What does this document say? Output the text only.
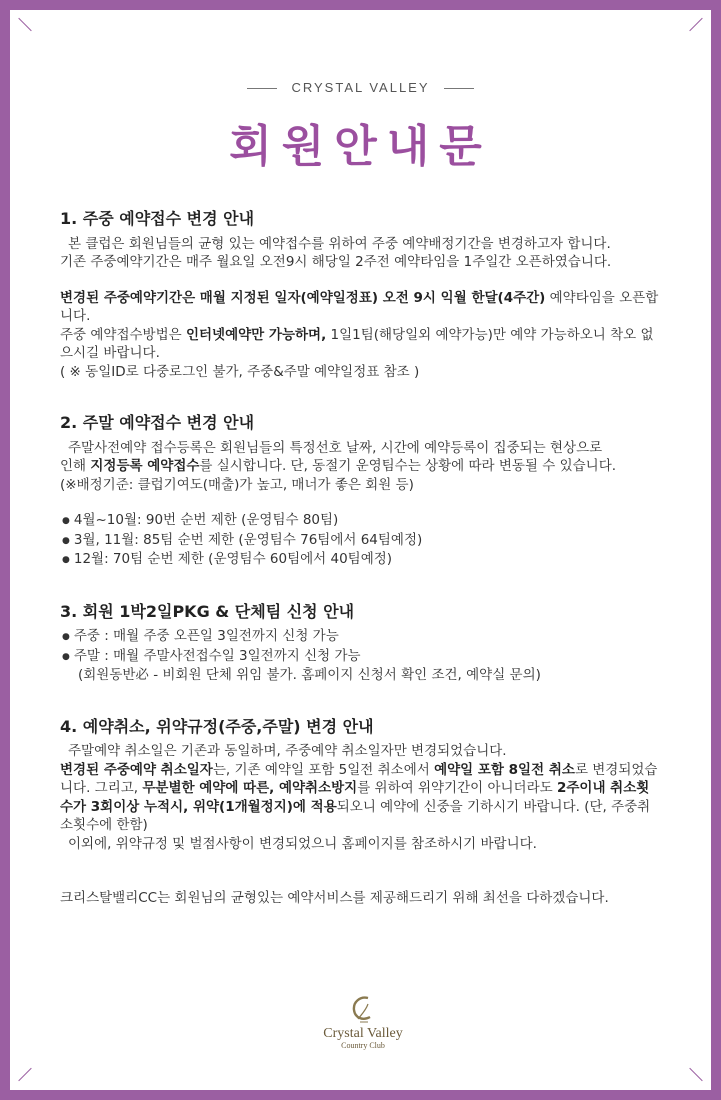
CRYSTAL VALLEY
회원안내문

1. 주중 예약접수 변경 안내

본 클럽은 회원님들의 균형 있는 예약접수를 위하여 주중 예약배정기간을 변경하고자 합니다.

기존 주중예약기간은 매주 월요일 오전9시 해당일 2주전 예약타임을 1주일간 오픈하였습니다.

변경된 주중예약기간은 매월 지정된 일자(예약일정표) 오전 9시 익월 한달(4주간) 예약타임을 오픈합니다.

주중 예약접수방법은 인터넷예약만 가능하며, 1일1팀(해당일외 예약가능)만 예약 가능하오니 착오 없으시길 바랍니다.

( ※ 동일ID로 다중로그인 불가, 주중&주말 예약일정표 참조 )

2. 주말 예약접수 변경 안내

주말사전예약 접수등록은 회원님들의 특정선호 날짜, 시간에 예약등록이 집중되는 현상으로

인해 지정등록 예약접수를 실시합니다. 단, 동절기 운영팀수는 상황에 따라 변동될 수 있습니다.

(※배정기준: 클럽기여도(매출)가 높고, 매너가 좋은 회원 등)

● 4월~10월: 90번 순번 제한 (운영팀수 80팀)
● 3월, 11월: 85팀 순번 제한 (운영팀수 76팀에서 64팀예정)
● 12월: 70팀 순번 제한 (운영팀수 60팀에서 40팀예정)

3. 회원 1박2일PKG & 단체팀 신청 안내

● 주중 : 매월 주중 오픈일 3일전까지 신청 가능
● 주말 : 매월 주말사전접수일 3일전까지 신청 가능

(회원동반必 - 비회원 단체 위임 불가. 홈페이지 신청서 확인 조건, 예약실 문의)

4. 예약취소, 위약규정(주중,주말) 변경 안내

주말예약 취소일은 기존과 동일하며, 주중예약 취소일자만 변경되었습니다.

변경된 주중예약 취소일자는, 기존 예약일 포함 5일전 취소에서 예약일 포함 8일전 취소로 변경되었습니다. 그리고, 무분별한 예약에 따른, 예약취소방지를 위하여 위약기간이 아니더라도 2주이내 취소횟수가 3회이상 누적시, 위약(1개월정지)에 적용되오니 예약에 신중을 기하시기 바랍니다. (단, 주중취소횟수에 한함)

이외에, 위약규정 및 벌점사항이 변경되었으니 홈페이지를 참조하시기 바랍니다.

크리스탈밸리CC는 회원님의 균형있는 예약서비스를 제공해드리기 위해 최선을 다하겠습니다.

Crystal Valley
Country Club
